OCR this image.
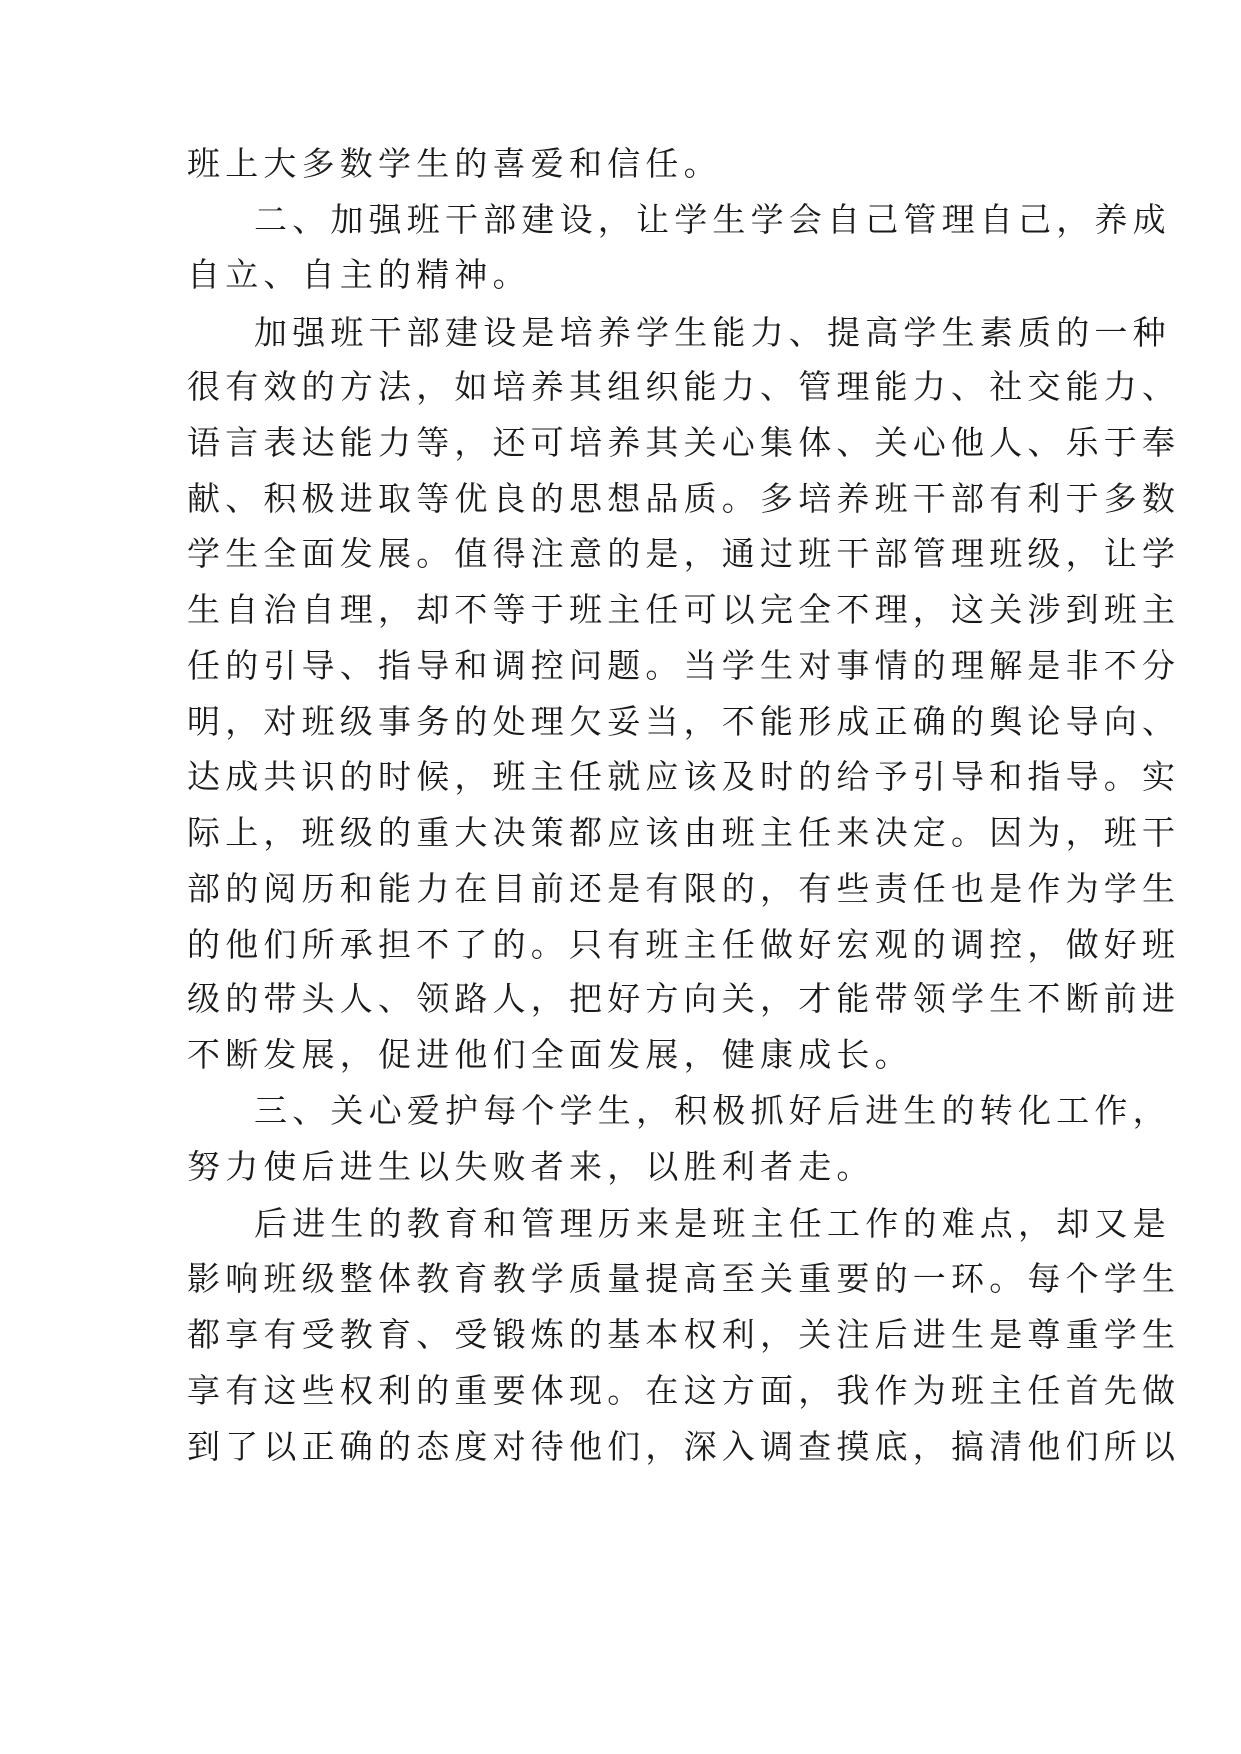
班上大多数学生的喜爱和信任。
二、加强班干部建设，让学生学会自己管理自己，养成
自立、自主的精神。
加强班干部建设是培养学生能力、提高学生素质的一种
很有效的方法，如培养其组织能力、管理能力、社交能力、
语言表达能力等，还可培养其关心集体、关心他人、乐于奉
献、积极进取等优良的思想品质。多培养班干部有利于多数
学生全面发展。值得注意的是，通过班干部管理班级，让学
生自治自理，却不等于班主任可以完全不理，这关涉到班主
任的引导、指导和调控问题。当学生对事情的理解是非不分
明，对班级事务的处理欠妥当，不能形成正确的舆论导向、
达成共识的时候，班主任就应该及时的给予引导和指导。实
际上，班级的重大决策都应该由班主任来决定。因为，班干
部的阅历和能力在目前还是有限的，有些责任也是作为学生
的他们所承担不了的。只有班主任做好宏观的调控，做好班
级的带头人、领路人，把好方向关，才能带领学生不断前进
不断发展，促进他们全面发展，健康成长。
三、关心爱护每个学生，积极抓好后进生的转化工作，
努力使后进生以失败者来，以胜利者走。
后进生的教育和管理历来是班主任工作的难点，却又是
影响班级整体教育教学质量提高至关重要的一环。每个学生
都享有受教育、受锻炼的基本权利，关注后进生是尊重学生
享有这些权利的重要体现。在这方面，我作为班主任首先做
到了以正确的态度对待他们，深入调查摸底，搞清他们所以
